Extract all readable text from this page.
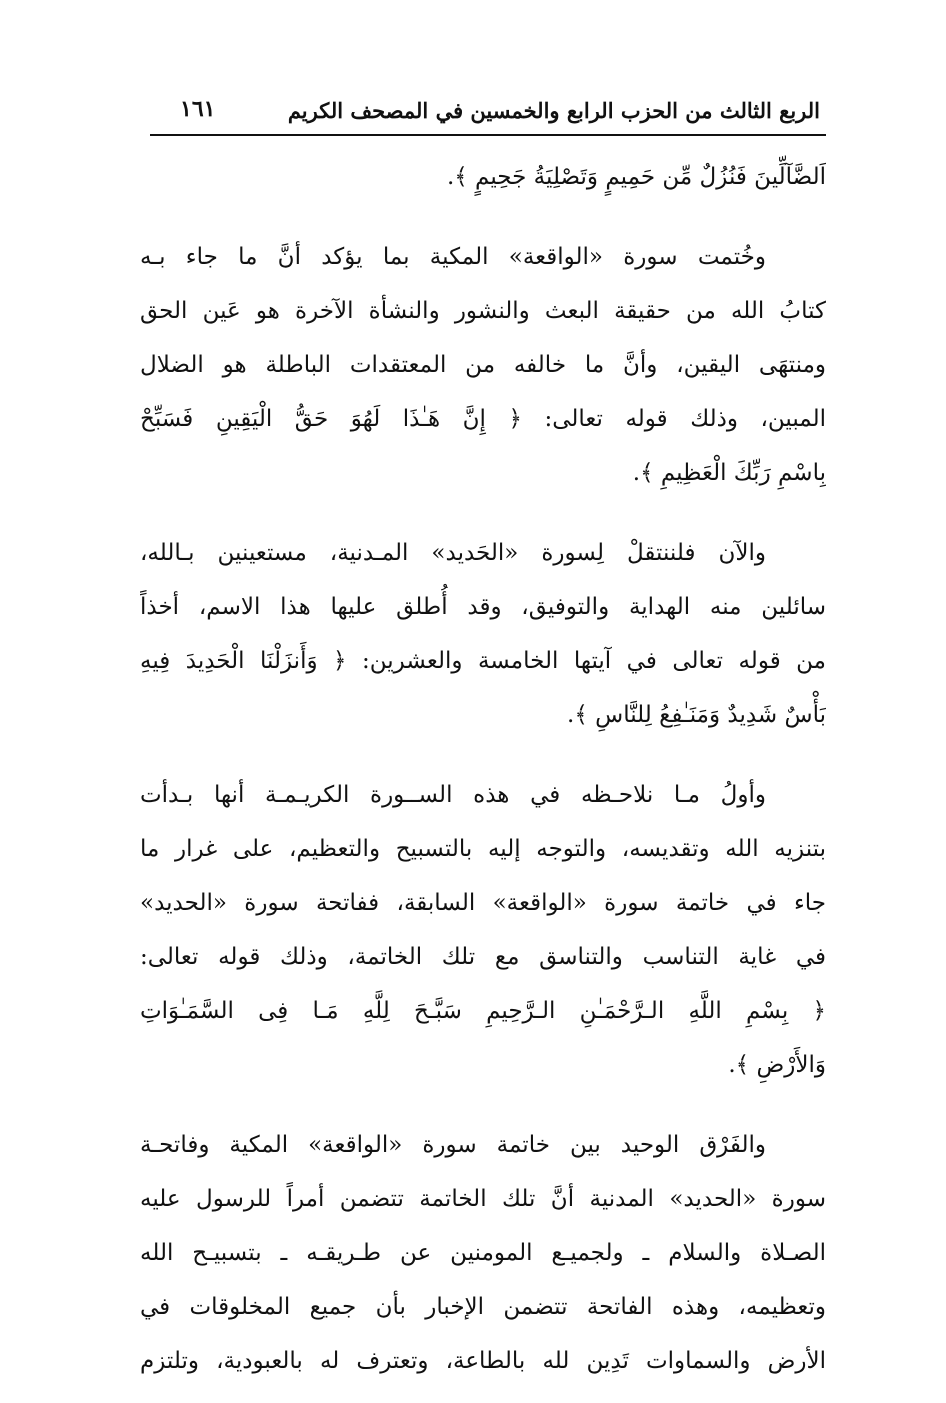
الربع الثالث من الحزب الرابع والخمسين في المصحف الكريم
١٦١
اَلضَّآلِّينَ فَنُزُلٌ مِّن حَمِيمٍ وَتَصْلِيَةُ جَحِيمٍ ﴾.
وخُتمت سورة «الواقعة» المكية بما يؤكد أنَّ ما جاء بـه
كتابُ الله من حقيقة البعث والنشور والنشأة الآخرة هو عَين الحق
ومنتهَى اليقين، وأنَّ ما خالفه من المعتقدات الباطلة هو الضلال
المبين، وذلك قوله تعالى: ﴿ إِنَّ هَـٰذَا لَهُوَ حَقُّ الْيَقِينِ فَسَبِّحْ
بِاسْمِ رَبِّكَ الْعَظِيمِ ﴾.
والآن فلننتقلْ لِسورة «الحَديد» المـدنية، مستعينين بـالله،
سائلين منه الهداية والتوفيق، وقد أُطلق عليها هذا الاسم، أخذاً
من قوله تعالى في آيتها الخامسة والعشرين: ﴿ وَأَنزَلْنَا الْحَدِيدَ فِيهِ
بَأْسٌ شَدِيدٌ وَمَنَـٰفِعُ لِلنَّاسِ ﴾.
وأولُ مـا نلاحـظه في هذه الســورة الكريـمـة أنها بـدأت
بتنزيه الله وتقديسه، والتوجه إليه بالتسبيح والتعظيم، على غرار ما
جاء في خاتمة سورة «الواقعة» السابقة، ففاتحة سورة «الحديد»
في غاية التناسب والتناسق مع تلك الخاتمة، وذلك قوله تعالى:
﴿ بِسْمِ اللَّهِ الـرَّحْمَـٰنِ الـرَّحِيمِ سَبَّـحَ لِلَّهِ مَـا فِى السَّمَـٰوَاتِ
وَالأَرْضِ ﴾.
والفَرْق الوحيد بين خاتمة سورة «الواقعة» المكية وفاتحـة
سورة «الحديد» المدنية أنَّ تلك الخاتمة تتضمن أمراً للرسول عليه
الصـلاة والسلام ـ ولجميـع المومنين عن طـريقـه ـ بتسبيـح الله
وتعظيمه، وهذه الفاتحة تتضمن الإخبار بأن جميع المخلوقات في
الأرض والسماوات تَدِين لله بالطاعة، وتعترف له بالعبودية، وتلتزم
